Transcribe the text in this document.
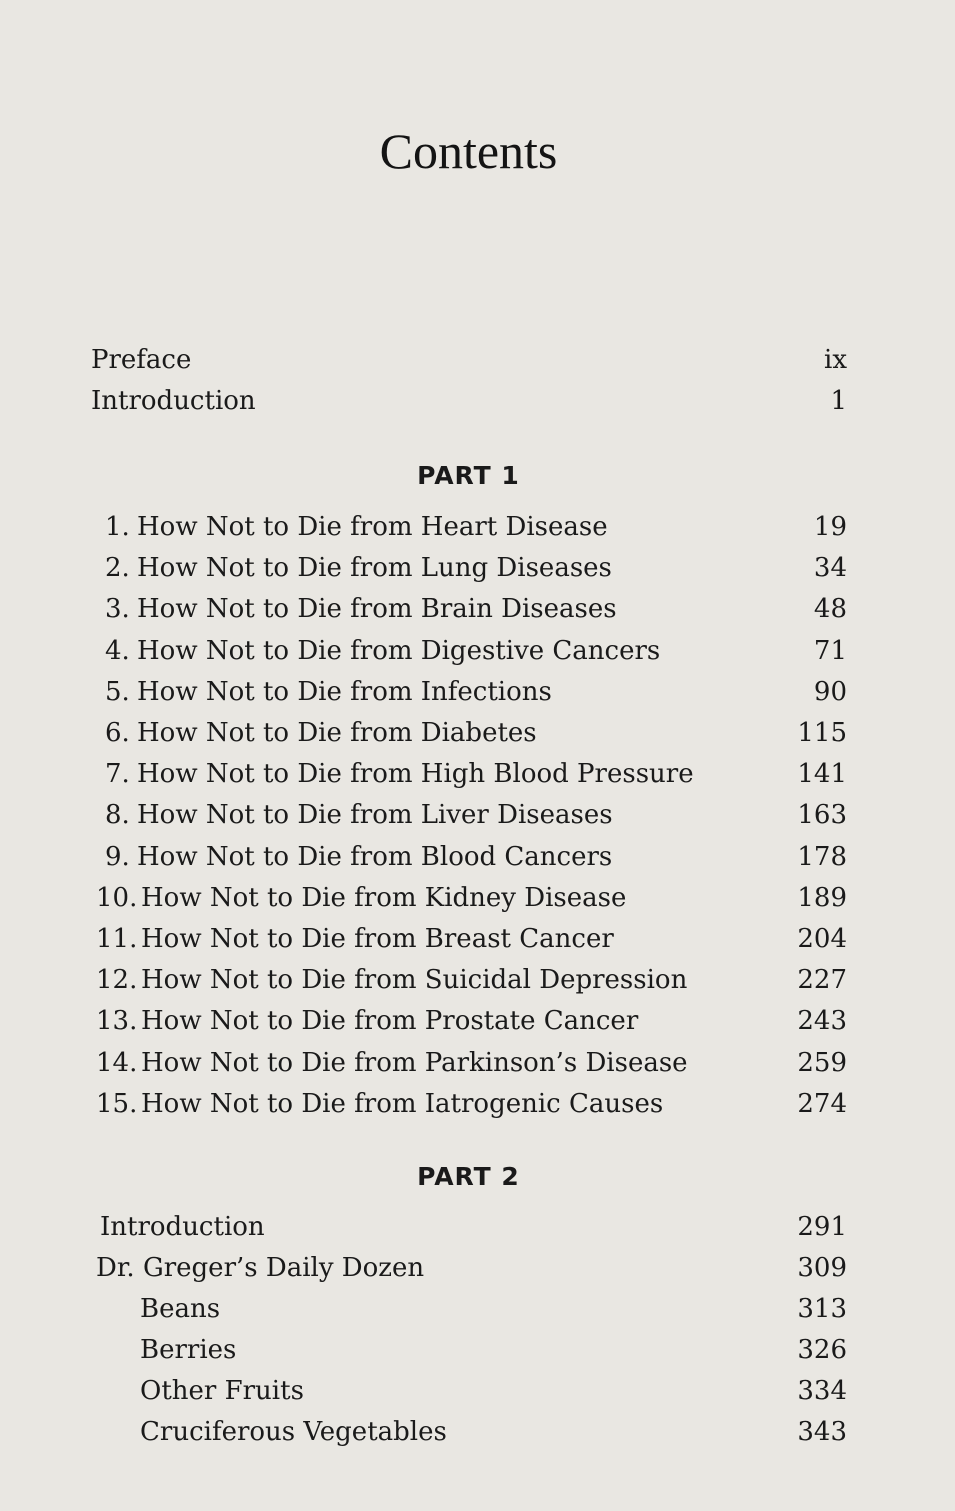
Contents
Preface	ix
Introduction	1
PART 1
1. How Not to Die from Heart Disease	19
2. How Not to Die from Lung Diseases	34
3. How Not to Die from Brain Diseases	48
4. How Not to Die from Digestive Cancers	71
5. How Not to Die from Infections	90
6. How Not to Die from Diabetes	115
7. How Not to Die from High Blood Pressure	141
8. How Not to Die from Liver Diseases	163
9. How Not to Die from Blood Cancers	178
10. How Not to Die from Kidney Disease	189
11. How Not to Die from Breast Cancer	204
12. How Not to Die from Suicidal Depression	227
13. How Not to Die from Prostate Cancer	243
14. How Not to Die from Parkinson’s Disease	259
15. How Not to Die from Iatrogenic Causes	274
PART 2
Introduction	291
Dr. Greger’s Daily Dozen	309
Beans	313
Berries	326
Other Fruits	334
Cruciferous Vegetables	343
